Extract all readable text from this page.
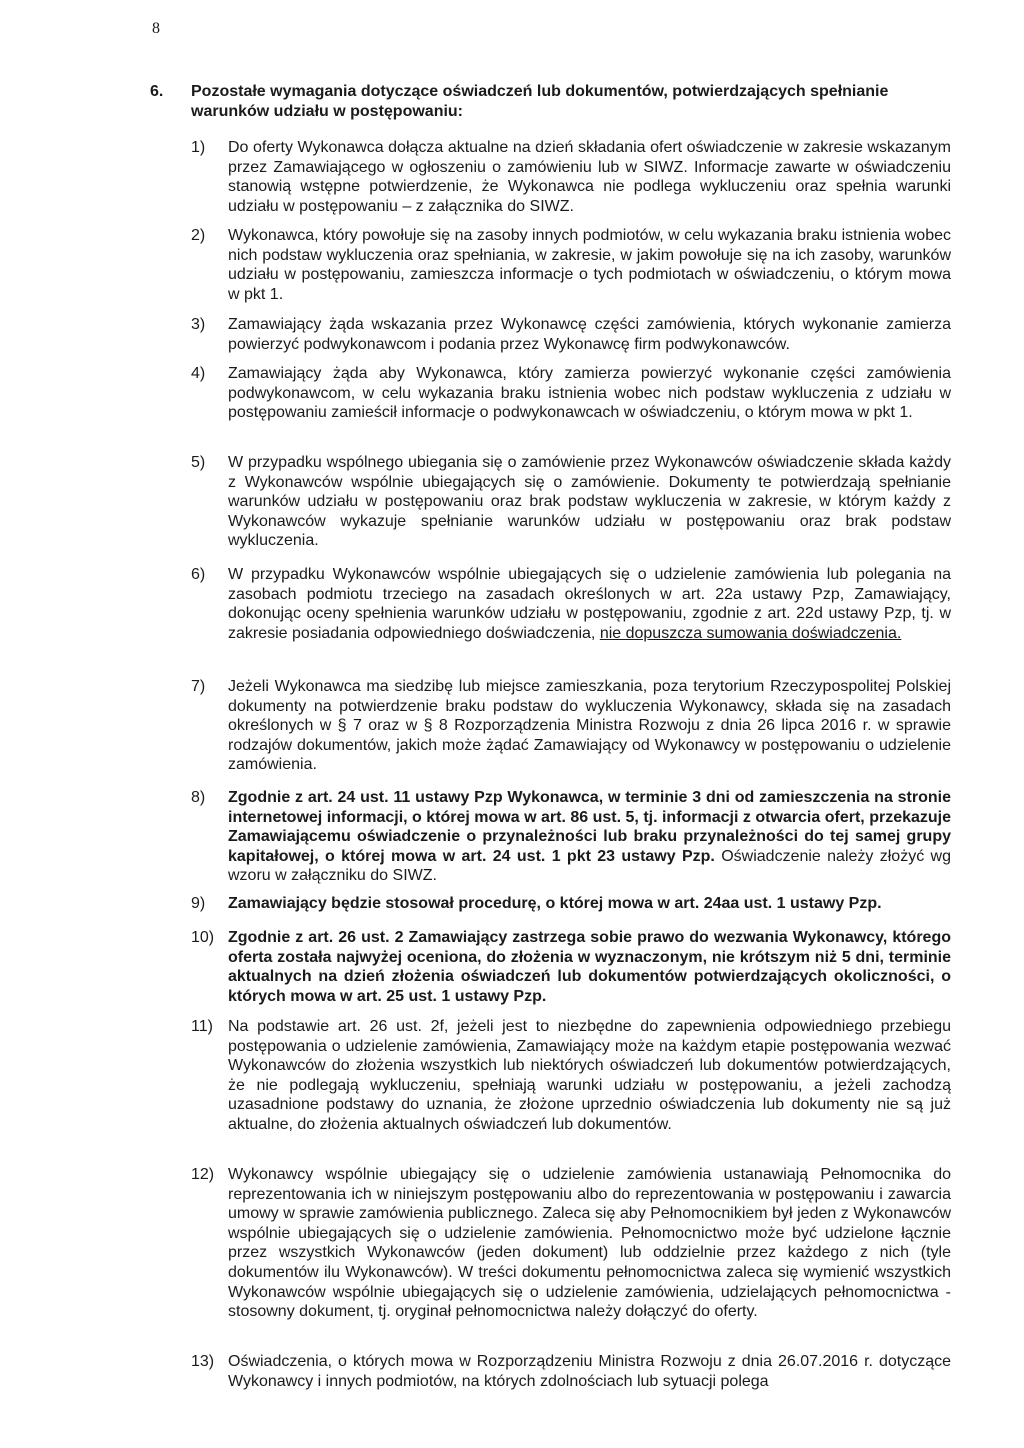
8
6. Pozostałe wymagania dotyczące oświadczeń lub dokumentów, potwierdzających spełnianie warunków udziału w postępowaniu:
1)	Do oferty Wykonawca dołącza aktualne na dzień składania ofert oświadczenie w zakresie wskazanym przez Zamawiającego w ogłoszeniu o zamówieniu lub w SIWZ. Informacje zawarte w oświadczeniu stanowią wstępne potwierdzenie, że Wykonawca nie podlega wykluczeniu oraz spełnia warunki udziału w postępowaniu – z załącznika do SIWZ.
2)	Wykonawca, który powołuje się na zasoby innych podmiotów, w celu wykazania braku istnienia wobec nich podstaw wykluczenia oraz spełniania, w zakresie, w jakim powołuje się na ich zasoby, warunków udziału w postępowaniu, zamieszcza informacje o tych podmiotach w oświadczeniu, o którym mowa w pkt 1.
3)	Zamawiający żąda wskazania przez Wykonawcę części zamówienia, których wykonanie zamierza powierzyć podwykonawcom i podania przez Wykonawcę firm podwykonawców.
4)	Zamawiający żąda aby Wykonawca, który zamierza powierzyć wykonanie części zamówienia podwykonawcom, w celu wykazania braku istnienia wobec nich podstaw wykluczenia z udziału w postępowaniu zamieścił informacje o podwykonawcach w oświadczeniu, o którym mowa w pkt 1.
5)	W przypadku wspólnego ubiegania się o zamówienie przez Wykonawców oświadczenie składa każdy z Wykonawców wspólnie ubiegających się o zamówienie. Dokumenty te potwierdzają spełnianie warunków udziału w postępowaniu oraz brak podstaw wykluczenia w zakresie, w którym każdy z Wykonawców wykazuje spełnianie warunków udziału w postępowaniu oraz brak podstaw wykluczenia.
6)	W przypadku Wykonawców wspólnie ubiegających się o udzielenie zamówienia lub polegania na zasobach podmiotu trzeciego na zasadach określonych w art. 22a ustawy Pzp, Zamawiający, dokonując oceny spełnienia warunków udziału w postępowaniu, zgodnie z art. 22d ustawy Pzp, tj. w zakresie posiadania odpowiedniego doświadczenia, nie dopuszcza sumowania doświadczenia.
7)	Jeżeli Wykonawca ma siedzibę lub miejsce zamieszkania, poza terytorium Rzeczypospolitej Polskiej dokumenty na potwierdzenie braku podstaw do wykluczenia Wykonawcy, składa się na zasadach określonych w § 7 oraz w § 8 Rozporządzenia Ministra Rozwoju z dnia 26 lipca 2016 r. w sprawie rodzajów dokumentów, jakich może żądać Zamawiający od Wykonawcy w postępowaniu o udzielenie zamówienia.
8)	Zgodnie z art. 24 ust. 11 ustawy Pzp Wykonawca, w terminie 3 dni od zamieszczenia na stronie internetowej informacji, o której mowa w art. 86 ust. 5, tj. informacji z otwarcia ofert, przekazuje Zamawiającemu oświadczenie o przynależności lub braku przynależności do tej samej grupy kapitałowej, o której mowa w art. 24 ust. 1 pkt 23 ustawy Pzp. Oświadczenie należy złożyć wg wzoru w załączniku do SIWZ.
9)	Zamawiający będzie stosował procedurę, o której mowa w art. 24aa ust. 1 ustawy Pzp.
10) Zgodnie z art. 26 ust. 2 Zamawiający zastrzega sobie prawo do wezwania Wykonawcy, którego oferta została najwyżej oceniona, do złożenia w wyznaczonym, nie krótszym niż 5 dni, terminie aktualnych na dzień złożenia oświadczeń lub dokumentów potwierdzających okoliczności, o których mowa w art. 25 ust. 1 ustawy Pzp.
11) Na podstawie art. 26 ust. 2f, jeżeli jest to niezbędne do zapewnienia odpowiedniego przebiegu postępowania o udzielenie zamówienia, Zamawiający może na każdym etapie postępowania wezwać Wykonawców do złożenia wszystkich lub niektórych oświadczeń lub dokumentów potwierdzających, że nie podlegają wykluczeniu, spełniają warunki udziału w postępowaniu, a jeżeli zachodzą uzasadnione podstawy do uznania, że złożone uprzednio oświadczenia lub dokumenty nie są już aktualne, do złożenia aktualnych oświadczeń lub dokumentów.
12) Wykonawcy wspólnie ubiegający się o udzielenie zamówienia ustanawiają Pełnomocnika do reprezentowania ich w niniejszym postępowaniu albo do reprezentowania w postępowaniu i zawarcia umowy w sprawie zamówienia publicznego. Zaleca się aby Pełnomocnikiem był jeden z Wykonawców wspólnie ubiegających się o udzielenie zamówienia. Pełnomocnictwo może być udzielone łącznie przez wszystkich Wykonawców (jeden dokument) lub oddzielnie przez każdego z nich (tyle dokumentów ilu Wykonawców). W treści dokumentu pełnomocnictwa zaleca się wymienić wszystkich Wykonawców wspólnie ubiegających się o udzielenie zamówienia, udzielających pełnomocnictwa - stosowny dokument, tj. oryginał pełnomocnictwa należy dołączyć do oferty.
13) Oświadczenia, o których mowa w Rozporządzeniu Ministra Rozwoju z dnia 26.07.2016 r. dotyczące Wykonawcy i innych podmiotów, na których zdolnościach lub sytuacji polega
